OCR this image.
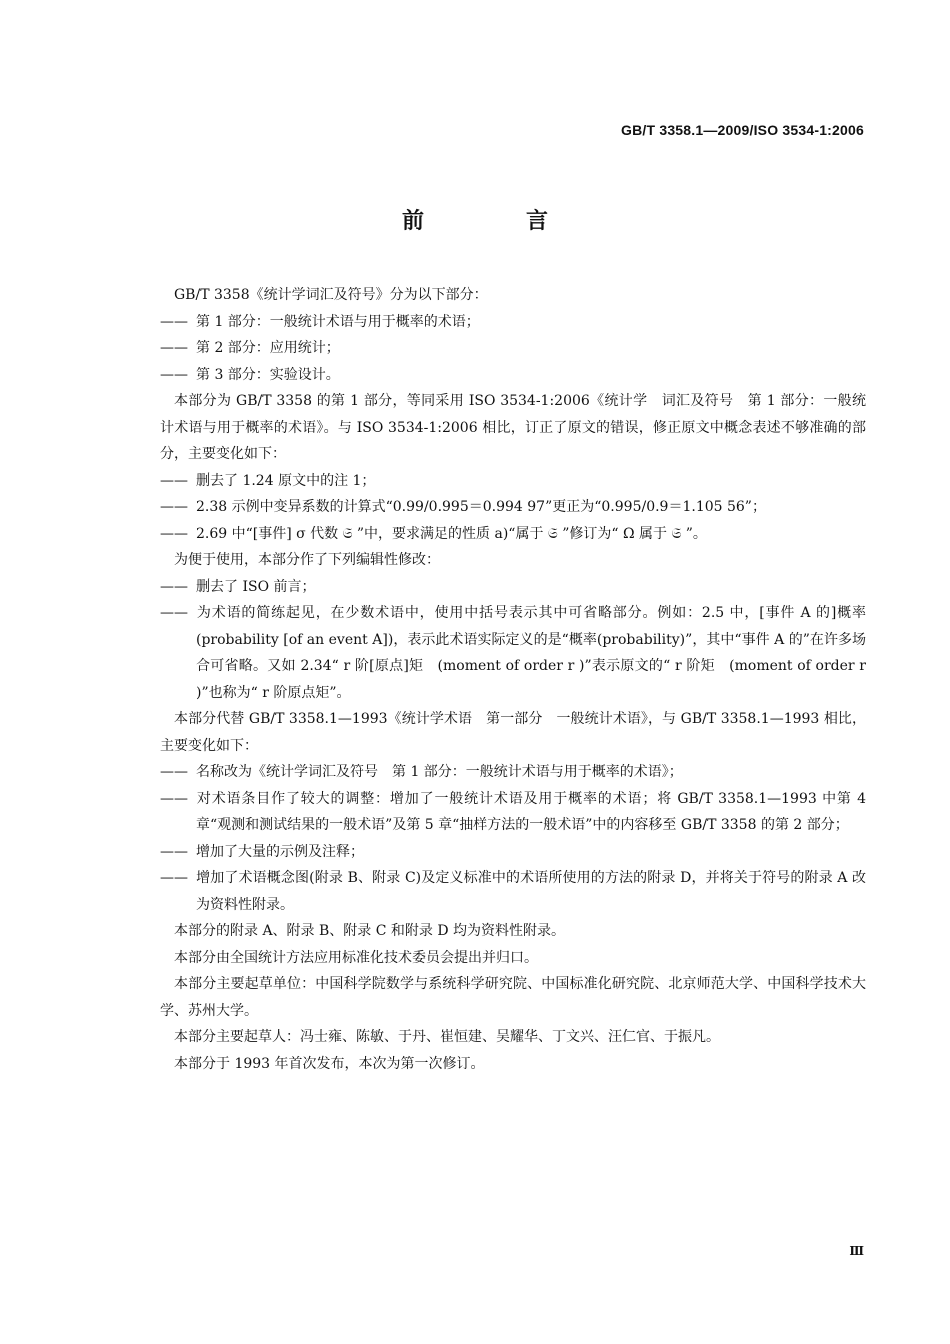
GB/T 3358.1—2009/ISO 3534-1:2006
前　言
GB/T 3358《统计学词汇及符号》分为以下部分：
—— 第 1 部分：一般统计术语与用于概率的术语；
—— 第 2 部分：应用统计；
—— 第 3 部分：实验设计。
本部分为 GB/T 3358 的第 1 部分，等同采用 ISO 3534-1:2006《统计学　词汇及符号　第 1 部分：一般统计术语与用于概率的术语》。与 ISO 3534-1:2006 相比，订正了原文的错误，修正原文中概念表述不够准确的部分，主要变化如下：
—— 删去了 1.24 原文中的注 1；
—— 2.38 示例中变异系数的计算式“0.99/0.995＝0.994 97”更正为“0.995/0.9＝1.105 56”；
—— 2.69 中“[事件] σ 代数 𝔖 ”中，要求满足的性质 a)“属于 𝔖 ”修订为“ Ω 属于 𝔖 ”。
为便于使用，本部分作了下列编辑性修改：
—— 删去了 ISO 前言；
—— 为术语的简练起见，在少数术语中，使用中括号表示其中可省略部分。例如：2.5 中，[事件 A 的]概率(probability [of an event A])，表示此术语实际定义的是“概率(probability)”，其中“事件 A 的”在许多场合可省略。又如 2.34“ r 阶[原点]矩　(moment of order r )”表示原文的“ r 阶矩　(moment of order r )”也称为“ r 阶原点矩”。
本部分代替 GB/T 3358.1—1993《统计学术语　第一部分　一般统计术语》，与 GB/T 3358.1—1993 相比，主要变化如下：
—— 名称改为《统计学词汇及符号　第 1 部分：一般统计术语与用于概率的术语》；
—— 对术语条目作了较大的调整：增加了一般统计术语及用于概率的术语；将 GB/T 3358.1—1993 中第 4 章“观测和测试结果的一般术语”及第 5 章“抽样方法的一般术语”中的内容移至 GB/T 3358 的第 2 部分；
—— 增加了大量的示例及注释；
—— 增加了术语概念图(附录 B、附录 C)及定义标准中的术语所使用的方法的附录 D，并将关于符号的附录 A 改为资料性附录。
本部分的附录 A、附录 B、附录 C 和附录 D 均为资料性附录。
本部分由全国统计方法应用标准化技术委员会提出并归口。
本部分主要起草单位：中国科学院数学与系统科学研究院、中国标准化研究院、北京师范大学、中国科学技术大学、苏州大学。
本部分主要起草人：冯士雍、陈敏、于丹、崔恒建、吴耀华、丁文兴、汪仁官、于振凡。
本部分于 1993 年首次发布，本次为第一次修订。
Ⅲ
